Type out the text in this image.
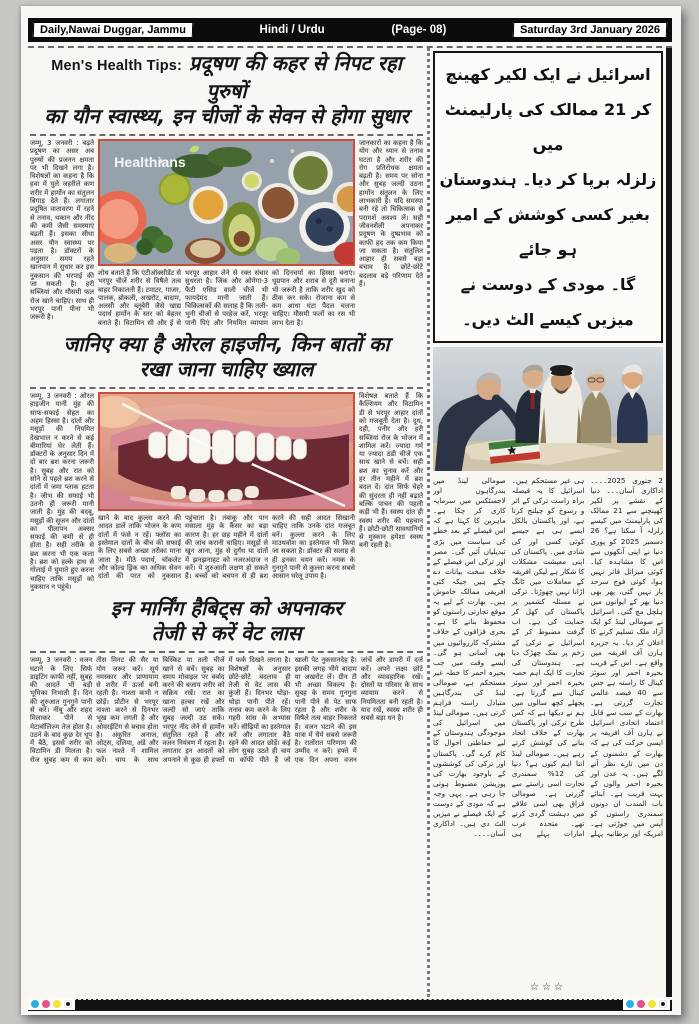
Daily,Nawai Duggar, Jammu	Hindi / Urdu	(Page- 08)	Saturday 3rd January 2026
Men's Health Tips: प्रदूषण की कहर से निपट रहा पुरुषों
का यौन स्वास्थ्य, इन चीजों के सेवन से होगा सुधार
जम्मू, 3 जनवरी : बढ़ते प्रदूषण का असर अब पुरुषों की प्रजनन क्षमता पर भी दिखने लगा है। विशेषज्ञों का कहना है कि हवा में घुले जहरीले कण शरीर में हार्मोन का संतुलन बिगाड़ देते हैं। लगातार प्रदूषित वातावरण में रहने से तनाव, थकान और नींद की कमी जैसी समस्याएं बढ़ती हैं। इसका सीधा असर यौन स्वास्थ्य पर पड़ता है। डॉक्टरों के अनुसार समय रहते खानपान में सुधार कर इस नुकसान की भरपाई की जा सकती है। हरी सब्जियां और मौसमी फल रोज खाने चाहिए। साथ ही भरपूर पानी पीना भी जरूरी है।
Healthians
शोध बताते हैं कि एंटीऑक्सीडेंट से भरपूर चीजें शरीर से विषैले तत्व बाहर निकालती हैं। टमाटर, गाजर, पालक, ब्रोकली, अखरोट, बादाम, अलसी और ब्लूबेरी जैसे खाद्य पदार्थ हार्मोन के स्तर को बेहतर बनाते हैं। विटामिन सी और ई से भरपूर आहार लेने से रक्त संचार सुधरता है। जिंक और ओमेगा-3 फैटी एसिड वाली चीजें भी फायदेमंद मानी जाती हैं। चिकित्सकों की सलाह है कि तली-भुनी चीजों से परहेज करें, भरपूर पानी पिएं और नियमित व्यायाम को दिनचर्या का हिस्सा बनाएं। धूम्रपान और शराब से दूरी बनाना भी जरूरी है ताकि शरीर खुद को ठीक कर सके। रोजाना कम से कम आधा घंटा पैदल चलना चाहिए। मौसमी फलों का रस भी लाभ देता है।
जानकारों का कहना है कि योग और ध्यान से तनाव घटता है और शरीर की रोग प्रतिरोधक क्षमता बढ़ती है। समय पर सोना और सुबह जल्दी उठना हार्मोन संतुलन के लिए लाभकारी है। यदि समस्या बनी रहे तो चिकित्सक से परामर्श अवश्य लें। सही जीवनशैली अपनाकर प्रदूषण के दुष्प्रभाव को काफी हद तक कम किया जा सकता है। संतुलित आहार ही सबसे बड़ा बचाव है। छोटे-छोटे बदलाव बड़े परिणाम देते हैं।
जानिए क्या है ओरल हाइजीन, किन बातों का
रखा जाना चाहिए ख्याल
जम्मू, 3 जनवरी : ओरल हाइजीन यानी मुंह की साफ-सफाई सेहत का अहम हिस्सा है। दांतों और मसूड़ों की नियमित देखभाल न करने से कई बीमारियां घेर लेती हैं। डॉक्टरों के अनुसार दिन में दो बार ब्रश करना जरूरी है। सुबह और रात को सोने से पहले ब्रश करने से दांतों में जमा प्लाक हटता है। जीभ की सफाई भी उतनी ही जरूरी मानी जाती है। मुंह की बदबू, मसूड़ों की सूजन और दांतों का पीलापन अक्सर सफाई की कमी से ही होता है। सही तरीके से ब्रश करना भी एक कला है। ब्रश को हल्के हाथ से गोलाई में घुमाते हुए करना चाहिए ताकि मसूड़ों को नुकसान न पहुंचे।
खाने के बाद कुल्ला करने की आदत डालें ताकि भोजन के कण दांतों में फंसे न रहें। फ्लॉस का इस्तेमाल दांतों के बीच की सफाई के लिए सबसे अच्छा तरीका माना जाता है। मीठे पदार्थ, चॉकलेट और कोल्ड ड्रिंक का अधिक सेवन दांतों की परत को नुकसान पहुंचाता है। तंबाकू और पान मसाला मुंह के कैंसर का बड़ा कारण है। हर छह महीने में दांतों की जांच करानी चाहिए। मसूड़ों से खून आना, मुंह से दुर्गंध या दांतों में झनझनाहट को नजरअंदाज न करें। ये शुरुआती लक्षण हो सकते हैं। बच्चों को बचपन से ही ब्रश करने की सही आदत सिखानी चाहिए ताकि उनके दांत मजबूत बनें। कुल्ला करने के लिए माउथवॉश का इस्तेमाल भी किया जा सकता है। डॉक्टर की सलाह से ही इनका चयन करें। नमक के गुनगुने पानी से कुल्ला करना सबसे आसान घरेलू उपाय है।
विशेषज्ञ बताते हैं कि कैल्शियम और विटामिन डी से भरपूर आहार दांतों को मजबूती देता है। दूध, दही, पनीर और हरी सब्जियां रोज के भोजन में शामिल करें। ज्यादा गर्म या ज्यादा ठंडी चीजें एक साथ खाने से बचें। सही ब्रश का चुनाव करें और हर तीन महीने में ब्रश बदल दें। दांत सिर्फ चेहरे की सुंदरता ही नहीं बढ़ाते बल्कि पाचन की पहली कड़ी भी हैं। स्वस्थ दांत ही स्वस्थ शरीर की पहचान हैं। छोटी-छोटी सावधानियों से मुस्कान हमेशा स्वस्थ बनी रहती है।
इन मार्निंग हैबिट्स को अपनाकर
तेजी से करें वेट लास
जम्मू, 3 जनवरी : वजन घटाने के लिए सिर्फ डाइटिंग काफी नहीं, सुबह की आदतें भी बड़ी भूमिका निभाती हैं। दिन की शुरुआत गुनगुने पानी से करें। नींबू और शहद मिलाकर पीने से मेटाबॉलिज्म तेज होता है। उठने के बाद कुछ देर धूप में बैठें, इससे शरीर को विटामिन डी मिलता है। रोज सुबह कम से कम तीस मिनट की सैर या योग जरूर करें। सूर्य नमस्कार और प्राणायाम से शरीर में ऊर्जा बनी रहती है। नाश्ता कभी न छोड़ें। प्रोटीन से भरपूर नाश्ता करने से दिनभर भूख कम लगती है और ओवरईटिंग से बचाव होता है। अंकुरित अनाज, ओट्स, दलिया, अंडे और फल नाश्ते में शामिल करें। चाय के साथ बिस्किट या तली चीजें खाने से बचें। सुबह का समय मोबाइल पर बर्बाद करने की बजाय शरीर को सक्रिय रखें। रात का खाना हल्का रखें और जल्दी सो जाएं ताकि सुबह जल्दी उठ सकें। भरपूर नींद लेने से हार्मोन संतुलित रहते हैं और वजन नियंत्रण में रहता है। लगातार इन आदतों को अपनाने से कुछ ही हफ्तों में फर्क दिखने लगता है। विशेषज्ञों के अनुसार छोटे-छोटे बदलाव ही तेजी से वेट लास की कुंजी हैं। दिनभर थोड़ा-थोड़ा पानी पीते रहें। तनाव कम करने के लिए गहरी सांस के अभ्यास करें। सीढ़ियों का इस्तेमाल करें और लगातार बैठे रहने की आदत छोड़ें। कई लोग सुबह उठते ही चाय या कॉफी पीते हैं जो खाली पेट नुकसानदेह है। इसकी जगह भीगे बादाम या अखरोट लें। ग्रीन टी भी अच्छा विकल्प है। सुबह के समय गुनगुना पानी पीने से पेट साफ रहता है और शरीर के विषैले तत्व बाहर निकलते हैं। वजन घटाने की इस यात्रा में धैर्य सबसे जरूरी है। रातोंरात परिणाम की उम्मीद न करें। हफ्ते में एक दिन अपना वजन जांचें और डायरी में दर्ज करें। अपने लक्ष्य छोटे और व्यावहारिक रखें। दोस्तों या परिवार के साथ व्यायाम करने से नियमितता बनी रहती है। याद रखें, स्वस्थ शरीर ही सबसे बड़ा धन है।
اسرائیل نے ایک لکیر کھینچ کر 21 ممالک کی پارلیمنٹ میں
زلزلہ برپا کر دیا۔ ہندوستان بغیر کسی کوشش کے امیر ہو جائے
گا۔ مودی کے دوست نے میزیں کیسے الٹ دیں۔
2 جنوری 2025۔۔۔۔ اداکاری آسان۔۔۔ دنیا کے نقشے پر لکیر کھینچنے سے 21 ممالک کی پارلیمنٹ میں کیسے زلزلہ آ سکتا ہے؟ 26 دسمبر 2025 کو پوری دنیا نے اپنی آنکھوں سے اس کا مشاہدہ کیا۔ کوئی میزائل فائر نہیں ہوا، کوئی فوج سرحد پار نہیں گئی، پھر بھی دنیا بھر کے ایوانوں میں ہلچل مچ گئی۔ اسرائیل نے صومالی لینڈ کو ایک آزاد ملک تسلیم کرنے کا اعلان کر دیا۔ یہ جزیرہ ہارن آف افریقہ میں واقع ہے۔ اس کے قریب بحیرہ احمر اور سوئز کینال کا راستہ ہے جس سے 40 فیصد عالمی تجارت گزرتی ہے۔ بھارت کے سب سے قابل اعتماد اتحادی اسرائیل نے ہارن آف افریقہ پر ایسی حرکت کی ہے کہ بھارت کے دشمنوں کے دن میں تارے نظر آنے لگے ہیں۔ یہ عدن اور بحیرہ احمر والوں کے بہت قریب ہے۔ آبنائے باب المندب ان دونوں سمندری راستوں کو آپس میں جوڑتی ہے۔ امریکہ اور برطانیہ پہلے ہی غیر مستحکم ہیں۔ اسرائیل کا یہ فیصلہ براہ راست ترکی کے اثر و رسوخ کو چیلنج کرتا ہے، اور پاکستان بالکل ایسے ہی ہے جیسے کوئی کسی اور کی شادی میں۔ پاکستان کی اپنی معیشت مشکلات کا شکار ہے لیکن افریقہ کے معاملات میں ٹانگ اڑانا نہیں چھوڑتا۔ ترکی نے مسئلہ کشمیر پر پاکستان کی کھل کر حمایت کی ہے۔ اب گرفت مضبوط کر کے اسرائیل نے ترکی کے زخم پر نمک چھڑک دیا ہے۔ ہندوستان کی تجارت کا ایک اہم حصہ بحیرہ احمر اور سوئز کینال سے گزرتا ہے۔ پچھلے کچھ سالوں میں ہم نے دیکھا ہے کہ کس طرح ترکی اور پاکستان بھارت کے خلاف اتحاد بنانے کی کوشش کرتے رہے ہیں۔ صومالی لینڈ اتنا اہم کیوں ہے؟ دنیا کی 12% سمندری تجارت اسی راستے سے گزرتی ہے۔ صومالی قزاق بھی اسی علاقے میں دہشت گردی کرتے تھے۔ متحدہ عرب امارات پہلے ہی صومالی لینڈ میں بندرگاہوں اور لاجسٹکس میں سرمایہ کاری کر چکا ہے۔ ماہرین کا کہنا ہے کہ اس فیصلے کے بعد خطے کی سیاست میں بڑی تبدیلیاں آئیں گی۔ مصر اور ترکی اس فیصلے کے خلاف سخت بیانات دے چکے ہیں جبکہ کئی افریقی ممالک خاموش ہیں۔ بھارت کے لیے یہ موقع تجارتی راستوں کو محفوظ بنانے کا ہے۔ بحری قزاقوں کے خلاف مشترکہ کارروائیوں میں بھی آسانی ہو گی۔ ایسے وقت میں جب بحیرہ احمر کا خطہ غیر مستحکم ہے، صومالی لینڈ کی بندرگاہیں متبادل راستہ فراہم کرتی ہیں۔ صومالی لینڈ میں اسرائیل کی موجودگی ہندوستان کے لیے حفاظتی احوال کا کام کرے گی۔ پاکستان اور ترکی کی کوششوں کے باوجود بھارت کی پوزیشن مضبوط ہوتی جا رہی ہے۔ یہی وجہ ہے کہ مودی کے دوست کے ایک فیصلے نے میزیں الٹ دی ہیں۔ اداکاری آسان۔۔۔۔
☆☆☆
